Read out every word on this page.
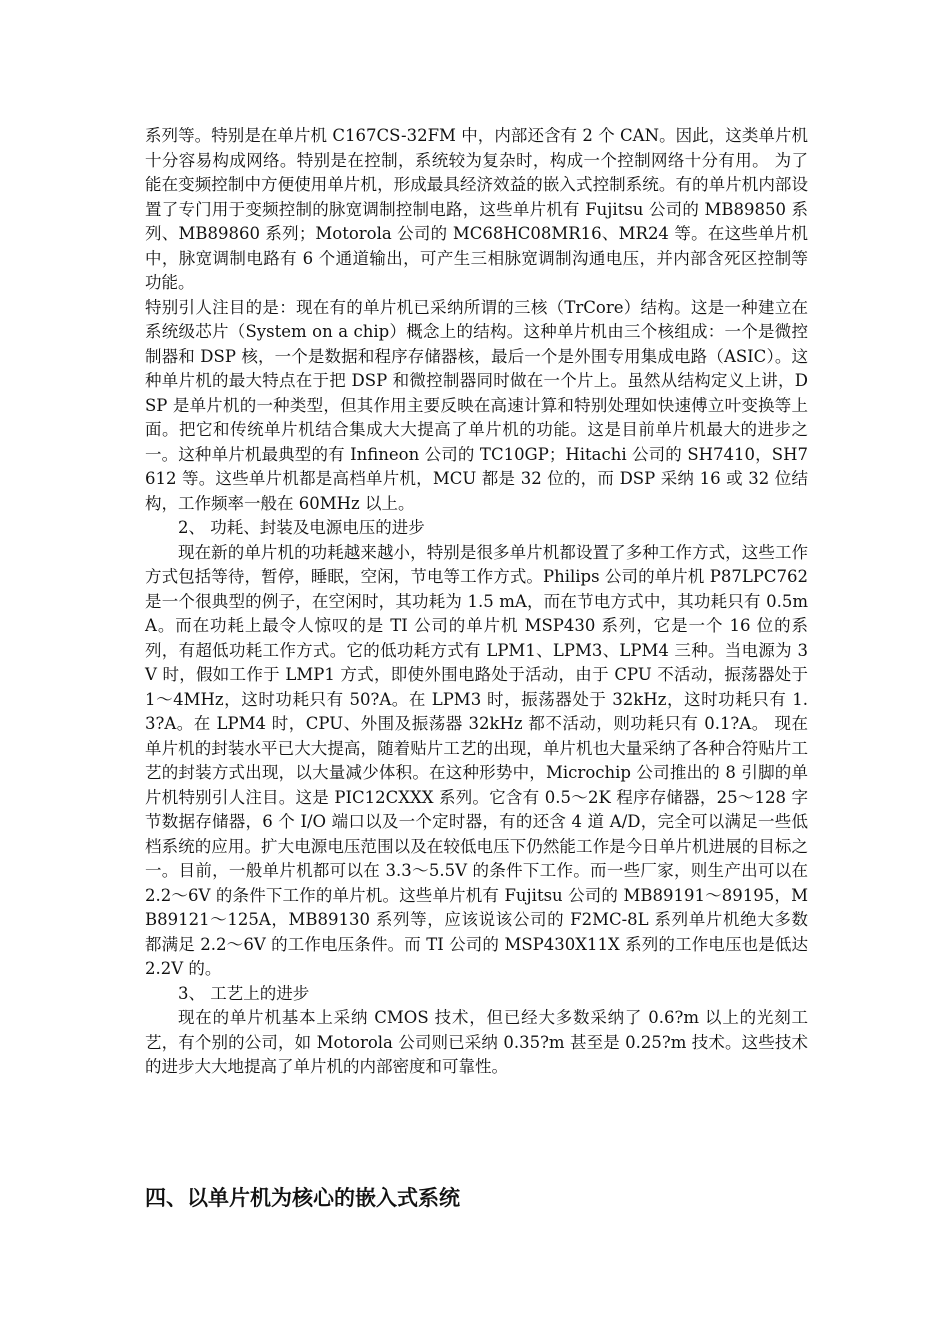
系列等。特别是在单片机 C167CS-32FM 中，内部还含有 2 个 CAN。因此，这类单片机十分容易构成网络。特别是在控制，系统较为复杂时，构成一个控制网络十分有用。 为了能在变频控制中方便使用单片机，形成最具经济效益的嵌入式控制系统。有的单片机内部设置了专门用于变频控制的脉宽调制控制电路，这些单片机有 Fujitsu 公司的 MB89850 系列、MB89860 系列；Motorola 公司的 MC68HC08MR16、MR24 等。在这些单片机中，脉宽调制电路有 6 个通道输出，可产生三相脉宽调制沟通电压，并内部含死区控制等功能。

特别引人注目的是：现在有的单片机已采纳所谓的三核（TrCore）结构。这是一种建立在系统级芯片（System on a chip）概念上的结构。这种单片机由三个核组成：一个是微控制器和 DSP 核，一个是数据和程序存储器核，最后一个是外围专用集成电路（ASIC）。这种单片机的最大特点在于把 DSP 和微控制器同时做在一个片上。虽然从结构定义上讲，DSP 是单片机的一种类型，但其作用主要反映在高速计算和特别处理如快速傅立叶变换等上面。把它和传统单片机结合集成大大提高了单片机的功能。这是目前单片机最大的进步之一。这种单片机最典型的有 Infineon 公司的 TC10GP；Hitachi 公司的 SH7410，SH7612 等。这些单片机都是高档单片机，MCU 都是 32 位的，而 DSP 采纳 16 或 32 位结构，工作频率一般在 60MHz 以上。

2、 功耗、封装及电源电压的进步

现在新的单片机的功耗越来越小，特别是很多单片机都设置了多种工作方式，这些工作方式包括等待，暂停，睡眠，空闲，节电等工作方式。Philips 公司的单片机 P87LPC762 是一个很典型的例子，在空闲时，其功耗为 1.5 mA，而在节电方式中，其功耗只有 0.5mA。而在功耗上最令人惊叹的是 TI 公司的单片机 MSP430 系列，它是一个 16 位的系列，有超低功耗工作方式。它的低功耗方式有 LPM1、LPM3、LPM4 三种。当电源为 3V 时，假如工作于 LMP1 方式，即使外围电路处于活动，由于 CPU 不活动，振荡器处于 1～4MHz，这时功耗只有 50?A。在 LPM3 时，振荡器处于 32kHz，这时功耗只有 1.3?A。在 LPM4 时，CPU、外围及振荡器 32kHz 都不活动，则功耗只有 0.1?A。 现在单片机的封装水平已大大提高，随着贴片工艺的出现，单片机也大量采纳了各种合符贴片工艺的封装方式出现，以大量减少体积。在这种形势中，Microchip 公司推出的 8 引脚的单片机特别引人注目。这是 PIC12CXXX 系列。它含有 0.5～2K 程序存储器，25～128 字节数据存储器，6 个 I/O 端口以及一个定时器，有的还含 4 道 A/D，完全可以满足一些低档系统的应用。扩大电源电压范围以及在较低电压下仍然能工作是今日单片机进展的目标之一。目前，一般单片机都可以在 3.3～5.5V 的条件下工作。而一些厂家，则生产出可以在 2.2～6V 的条件下工作的单片机。这些单片机有 Fujitsu 公司的 MB89191～89195，MB89121～125A，MB89130 系列等，应该说该公司的 F2MC-8L 系列单片机绝大多数都满足 2.2～6V 的工作电压条件。而 TI 公司的 MSP430X11X 系列的工作电压也是低达 2.2V 的。

3、 工艺上的进步

现在的单片机基本上采纳 CMOS 技术，但已经大多数采纳了 0.6?m 以上的光刻工艺，有个别的公司，如 Motorola 公司则已采纳 0.35?m 甚至是 0.25?m 技术。这些技术的进步大大地提高了单片机的内部密度和可靠性。

四、以单片机为核心的嵌入式系统
